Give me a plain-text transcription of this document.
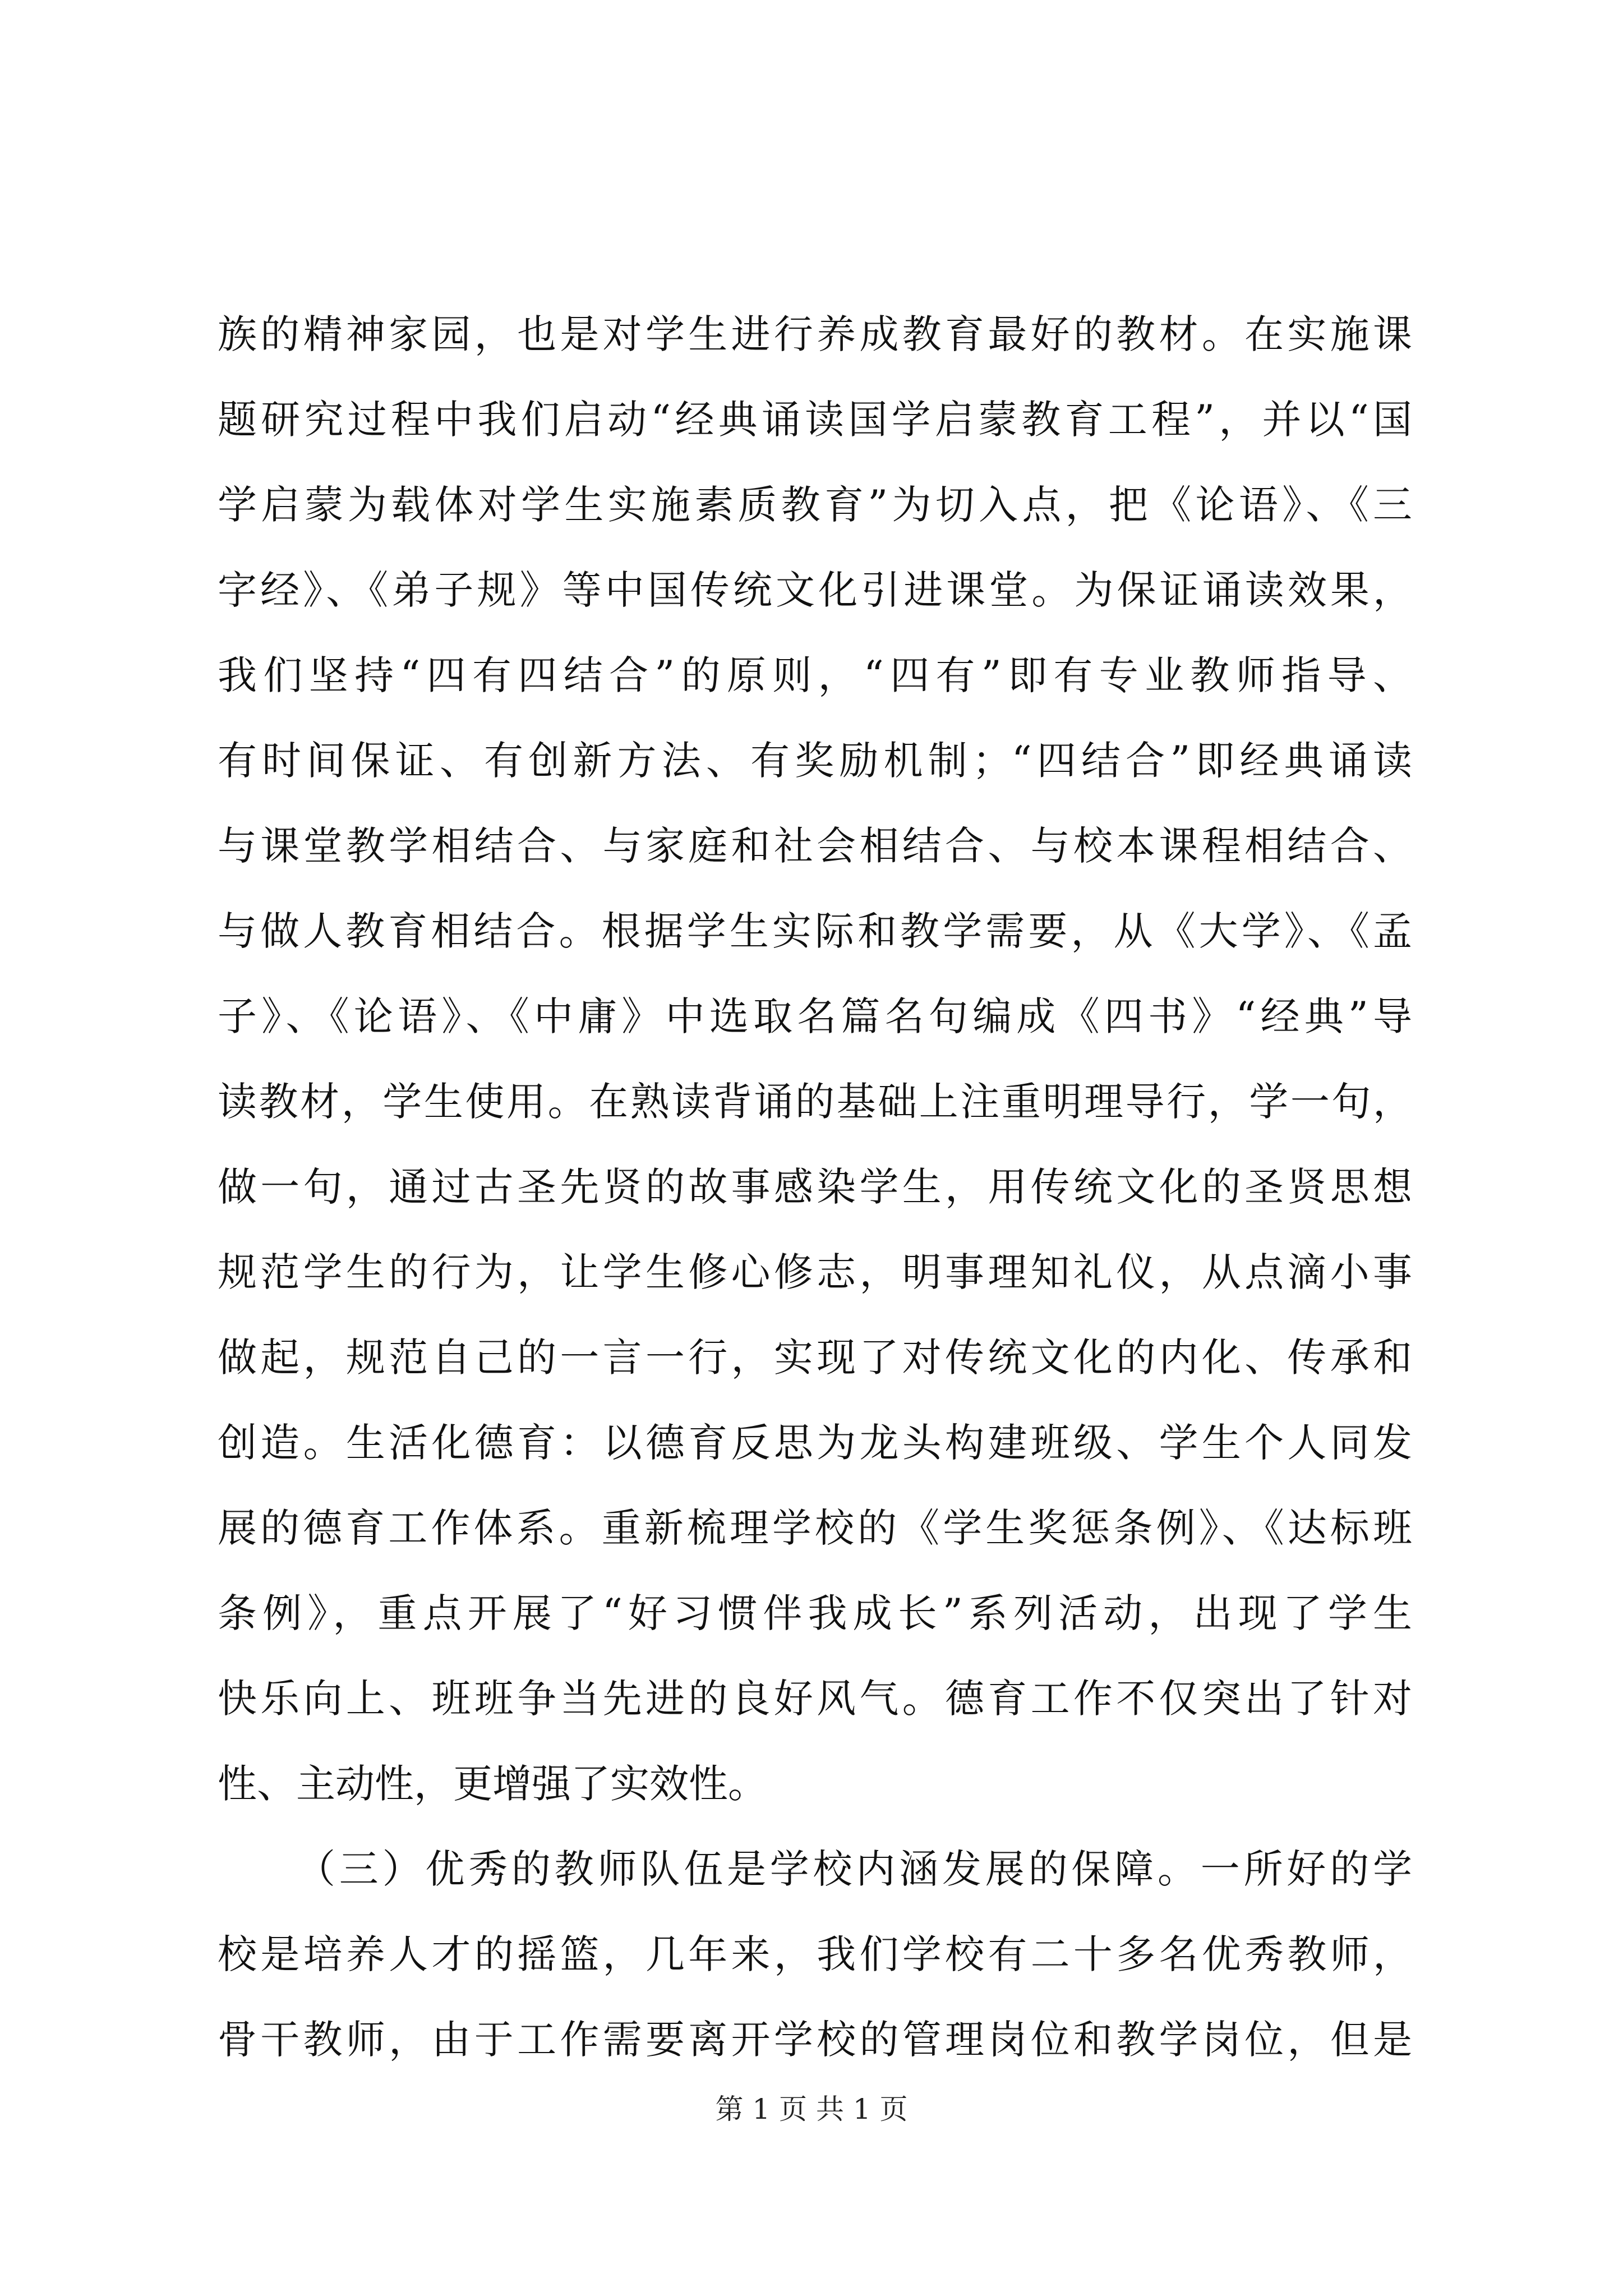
族的精神家园，也是对学生进行养成教育最好的教材。在实施课
题研究过程中我们启动“经典诵读国学启蒙教育工程”，并以“国
学启蒙为载体对学生实施素质教育”为切入点，把《论语》、《三
字经》、《弟子规》等中国传统文化引进课堂。为保证诵读效果，
我们坚持“四有四结合”的原则，“四有”即有专业教师指导、
有时间保证、有创新方法、有奖励机制；“四结合”即经典诵读
与课堂教学相结合、与家庭和社会相结合、与校本课程相结合、
与做人教育相结合。根据学生实际和教学需要，从《大学》、《孟
子》、《论语》、《中庸》中选取名篇名句编成《四书》“经典”导
读教材，学生使用。在熟读背诵的基础上注重明理导行，学一句，
做一句，通过古圣先贤的故事感染学生，用传统文化的圣贤思想
规范学生的行为，让学生修心修志，明事理知礼仪，从点滴小事
做起，规范自己的一言一行，实现了对传统文化的内化、传承和
创造。生活化德育：以德育反思为龙头构建班级、学生个人同发
展的德育工作体系。重新梳理学校的《学生奖惩条例》、《达标班
条例》，重点开展了“好习惯伴我成长”系列活动，出现了学生
快乐向上、班班争当先进的良好风气。德育工作不仅突出了针对
性、主动性，更增强了实效性。
（三）优秀的教师队伍是学校内涵发展的保障。一所好的学
校是培养人才的摇篮，几年来，我们学校有二十多名优秀教师，
骨干教师，由于工作需要离开学校的管理岗位和教学岗位，但是
第 1 页 共 1 页
